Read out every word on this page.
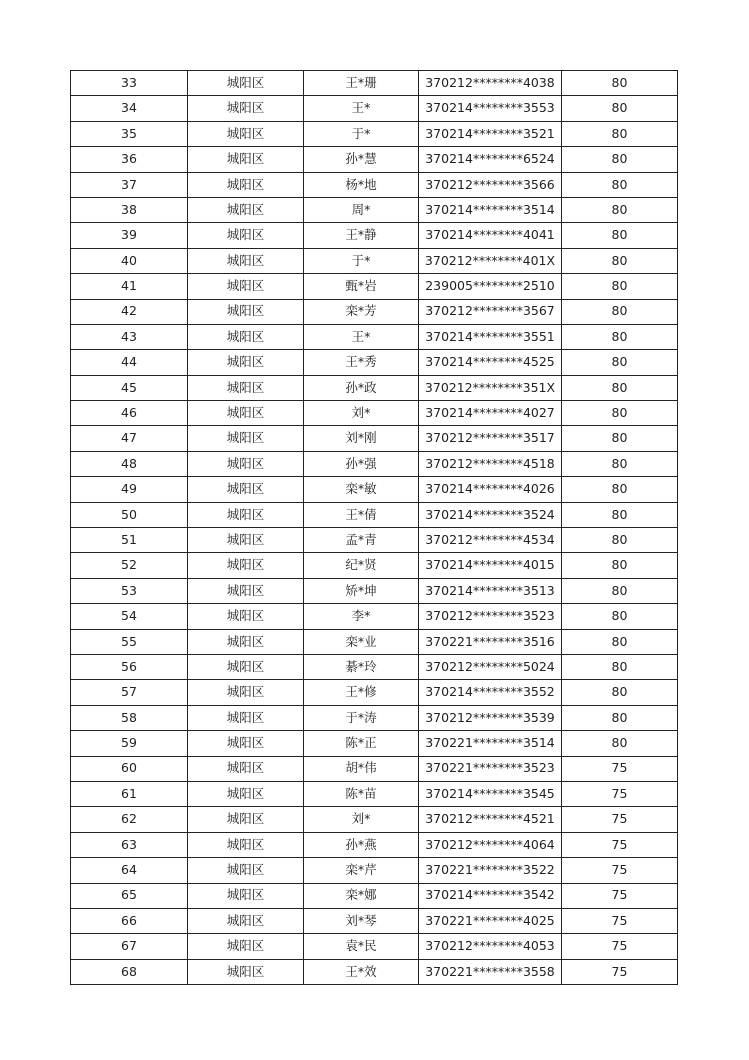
33	城阳区	王*珊	370212********4038	80
34	城阳区	王*	370214********3553	80
35	城阳区	于*	370214********3521	80
36	城阳区	孙*慧	370214********6524	80
37	城阳区	杨*地	370212********3566	80
38	城阳区	周*	370214********3514	80
39	城阳区	王*静	370214********4041	80
40	城阳区	于*	370212********401X	80
41	城阳区	甄*岩	239005********2510	80
42	城阳区	栾*芳	370212********3567	80
43	城阳区	王*	370214********3551	80
44	城阳区	王*秀	370214********4525	80
45	城阳区	孙*政	370212********351X	80
46	城阳区	刘*	370214********4027	80
47	城阳区	刘*刚	370212********3517	80
48	城阳区	孙*强	370212********4518	80
49	城阳区	栾*敏	370214********4026	80
50	城阳区	王*倩	370214********3524	80
51	城阳区	孟*青	370212********4534	80
52	城阳区	纪*贤	370214********4015	80
53	城阳区	矫*坤	370214********3513	80
54	城阳区	李*	370212********3523	80
55	城阳区	栾*业	370221********3516	80
56	城阳区	綦*玲	370212********5024	80
57	城阳区	王*修	370214********3552	80
58	城阳区	于*涛	370212********3539	80
59	城阳区	陈*正	370221********3514	80
60	城阳区	胡*伟	370221********3523	75
61	城阳区	陈*苗	370214********3545	75
62	城阳区	刘*	370212********4521	75
63	城阳区	孙*燕	370212********4064	75
64	城阳区	栾*芹	370221********3522	75
65	城阳区	栾*娜	370214********3542	75
66	城阳区	刘*琴	370221********4025	75
67	城阳区	袁*民	370212********4053	75
68	城阳区	王*效	370221********3558	75
